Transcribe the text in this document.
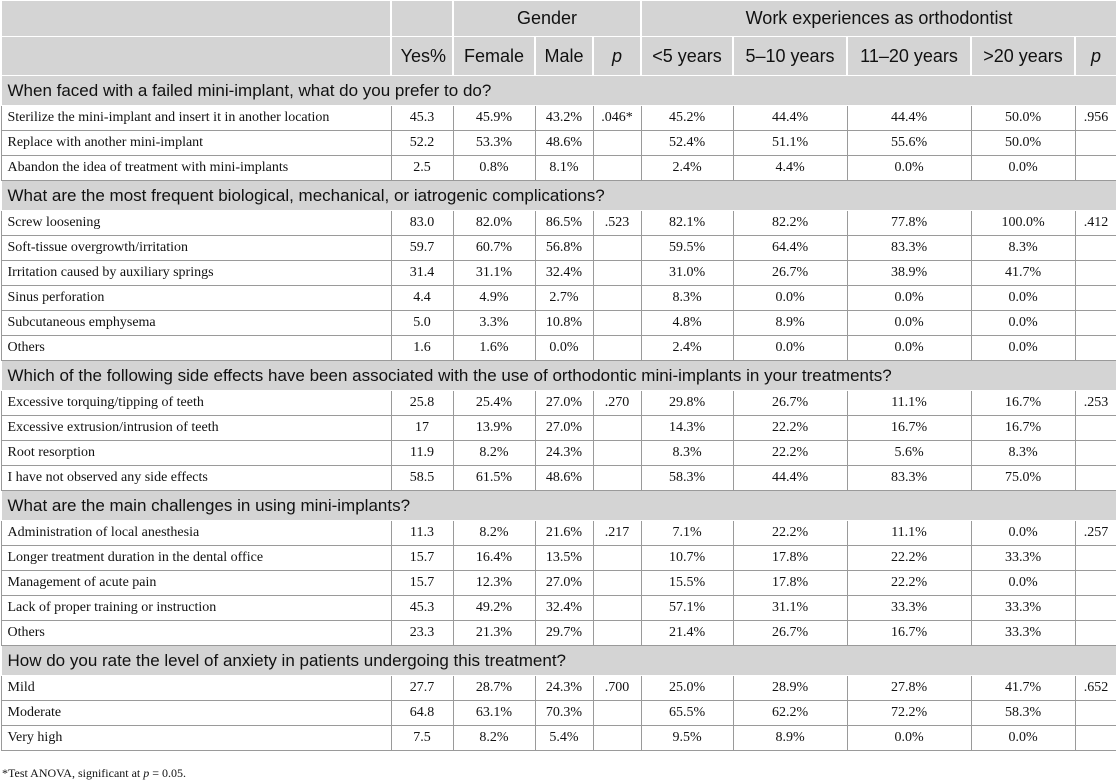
		Gender			Work experiences as orthodontist				
	Yes%	Female	Male	p	<5 years	5–10 years	11–20 years	>20 years	p
When faced with a failed mini-implant, what do you prefer to do?									
Sterilize the mini-implant and insert it in another location	45.3	45.9%	43.2%	.046*	45.2%	44.4%	44.4%	50.0%	.956
Replace with another mini-implant	52.2	53.3%	48.6%		52.4%	51.1%	55.6%	50.0%	
Abandon the idea of treatment with mini-implants	2.5	0.8%	8.1%		2.4%	4.4%	0.0%	0.0%	
What are the most frequent biological, mechanical, or iatrogenic complications?									
Screw loosening	83.0	82.0%	86.5%	.523	82.1%	82.2%	77.8%	100.0%	.412
Soft-tissue overgrowth/irritation	59.7	60.7%	56.8%		59.5%	64.4%	83.3%	8.3%	
Irritation caused by auxiliary springs	31.4	31.1%	32.4%		31.0%	26.7%	38.9%	41.7%	
Sinus perforation	4.4	4.9%	2.7%		8.3%	0.0%	0.0%	0.0%	
Subcutaneous emphysema	5.0	3.3%	10.8%		4.8%	8.9%	0.0%	0.0%	
Others	1.6	1.6%	0.0%		2.4%	0.0%	0.0%	0.0%	
Which of the following side effects have been associated with the use of orthodontic mini-implants in your treatments?									
Excessive torquing/tipping of teeth	25.8	25.4%	27.0%	.270	29.8%	26.7%	11.1%	16.7%	.253
Excessive extrusion/intrusion of teeth	17	13.9%	27.0%		14.3%	22.2%	16.7%	16.7%	
Root resorption	11.9	8.2%	24.3%		8.3%	22.2%	5.6%	8.3%	
I have not observed any side effects	58.5	61.5%	48.6%		58.3%	44.4%	83.3%	75.0%	
What are the main challenges in using mini-implants?									
Administration of local anesthesia	11.3	8.2%	21.6%	.217	7.1%	22.2%	11.1%	0.0%	.257
Longer treatment duration in the dental office	15.7	16.4%	13.5%		10.7%	17.8%	22.2%	33.3%	
Management of acute pain	15.7	12.3%	27.0%		15.5%	17.8%	22.2%	0.0%	
Lack of proper training or instruction	45.3	49.2%	32.4%		57.1%	31.1%	33.3%	33.3%	
Others	23.3	21.3%	29.7%		21.4%	26.7%	16.7%	33.3%	
How do you rate the level of anxiety in patients undergoing this treatment?									
Mild	27.7	28.7%	24.3%	.700	25.0%	28.9%	27.8%	41.7%	.652
Moderate	64.8	63.1%	70.3%		65.5%	62.2%	72.2%	58.3%	
Very high	7.5	8.2%	5.4%		9.5%	8.9%	0.0%	0.0%	
*Test ANOVA, significant at p = 0.05.
